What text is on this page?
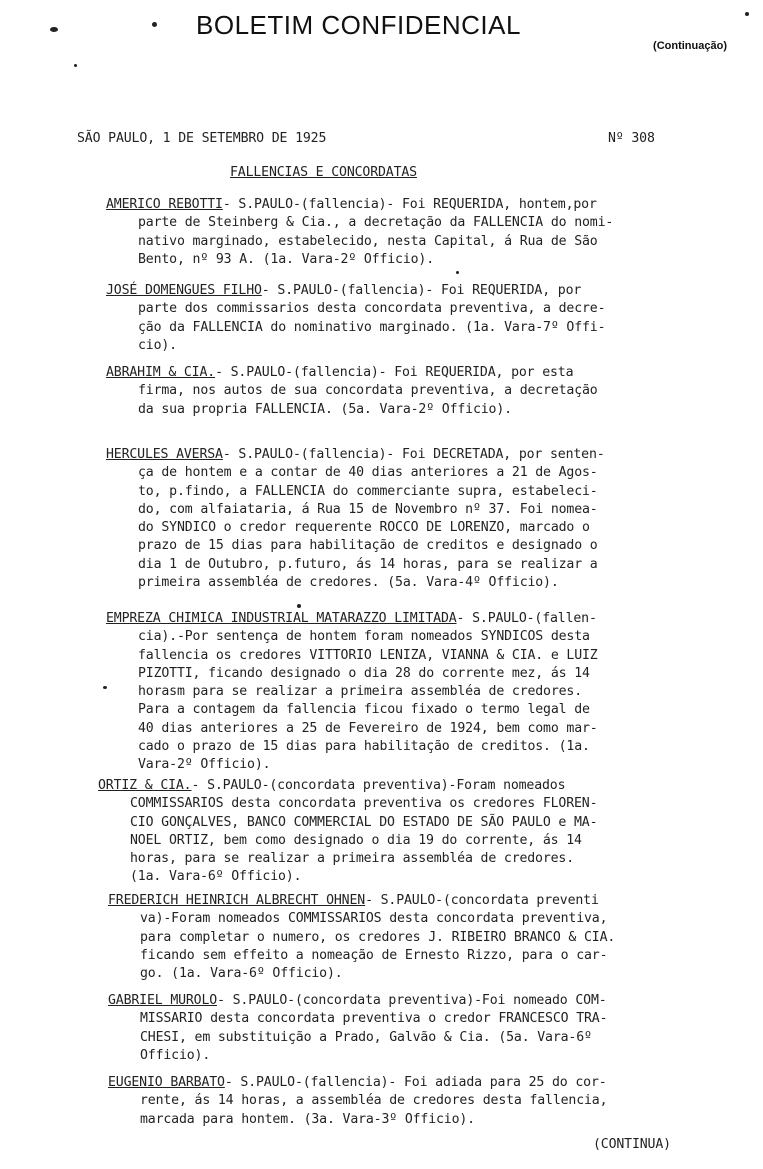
BOLETIM CONFIDENCIAL
(Continuação)
SÃO PAULO, 1 DE SETEMBRO DE 1925	Nº 308
FALLENCIAS E CONCORDATAS
AMERICO REBOTTI- S.PAULO-(fallencia)- Foi REQUERIDA, hontem,por
parte de Steinberg & Cia., a decretação da FALLENCIA do nomi-
nativo marginado, estabelecido, nesta Capital, á Rua de São
Bento, nº 93 A. (1a. Vara-2º Officio).
JOSÉ DOMENGUES FILHO- S.PAULO-(fallencia)- Foi REQUERIDA, por
parte dos commissarios desta concordata preventiva, a decre-
ção da FALLENCIA do nominativo marginado. (1a. Vara-7º Offi-
cio).
ABRAHIM & CIA.- S.PAULO-(fallencia)- Foi REQUERIDA, por esta
firma, nos autos de sua concordata preventiva, a decretação
da sua propria FALLENCIA. (5a. Vara-2º Officio).
HERCULES AVERSA- S.PAULO-(fallencia)- Foi DECRETADA, por senten-
ça de hontem e a contar de 40 dias anteriores a 21 de Agos-
to, p.findo, a FALLENCIA do commerciante supra, estabeleci-
do, com alfaiataria, á Rua 15 de Novembro nº 37. Foi nomea-
do SYNDICO o credor requerente ROCCO DE LORENZO, marcado o
prazo de 15 dias para habilitação de creditos e designado o
dia 1 de Outubro, p.futuro, ás 14 horas, para se realizar a
primeira assembléa de credores. (5a. Vara-4º Officio).
EMPREZA CHIMICA INDUSTRIAL MATARAZZO LIMITADA- S.PAULO-(fallen-
cia).-Por sentença de hontem foram nomeados SYNDICOS desta
fallencia os credores VITTORIO LENIZA, VIANNA & CIA. e LUIZ
PIZOTTI, ficando designado o dia 28 do corrente mez, ás 14
horasm para se realizar a primeira assembléa de credores.
Para a contagem da fallencia ficou fixado o termo legal de
40 dias anteriores a 25 de Fevereiro de 1924, bem como mar-
cado o prazo de 15 dias para habilitação de creditos. (1a.
Vara-2º Officio).
ORTIZ & CIA.- S.PAULO-(concordata preventiva)-Foram nomeados
COMMISSARIOS desta concordata preventiva os credores FLOREN-
CIO GONÇALVES, BANCO COMMERCIAL DO ESTADO DE SÃO PAULO e MA-
NOEL ORTIZ, bem como designado o dia 19 do corrente, ás 14
horas, para se realizar a primeira assembléa de credores.
(1a. Vara-6º Officio).
FREDERICH HEINRICH ALBRECHT OHNEN- S.PAULO-(concordata preventi
va)-Foram nomeados COMMISSARIOS desta concordata preventiva,
para completar o numero, os credores J. RIBEIRO BRANCO & CIA.
ficando sem effeito a nomeação de Ernesto Rizzo, para o car-
go. (1a. Vara-6º Officio).
GABRIEL MUROLO- S.PAULO-(concordata preventiva)-Foi nomeado COM-
MISSARIO desta concordata preventiva o credor FRANCESCO TRA-
CHESI, em substituição a Prado, Galvão & Cia. (5a. Vara-6º
Officio).
EUGENIO BARBATO- S.PAULO-(fallencia)- Foi adiada para 25 do cor-
rente, ás 14 horas, a assembléa de credores desta fallencia,
marcada para hontem. (3a. Vara-3º Officio).
(CONTINUA)
